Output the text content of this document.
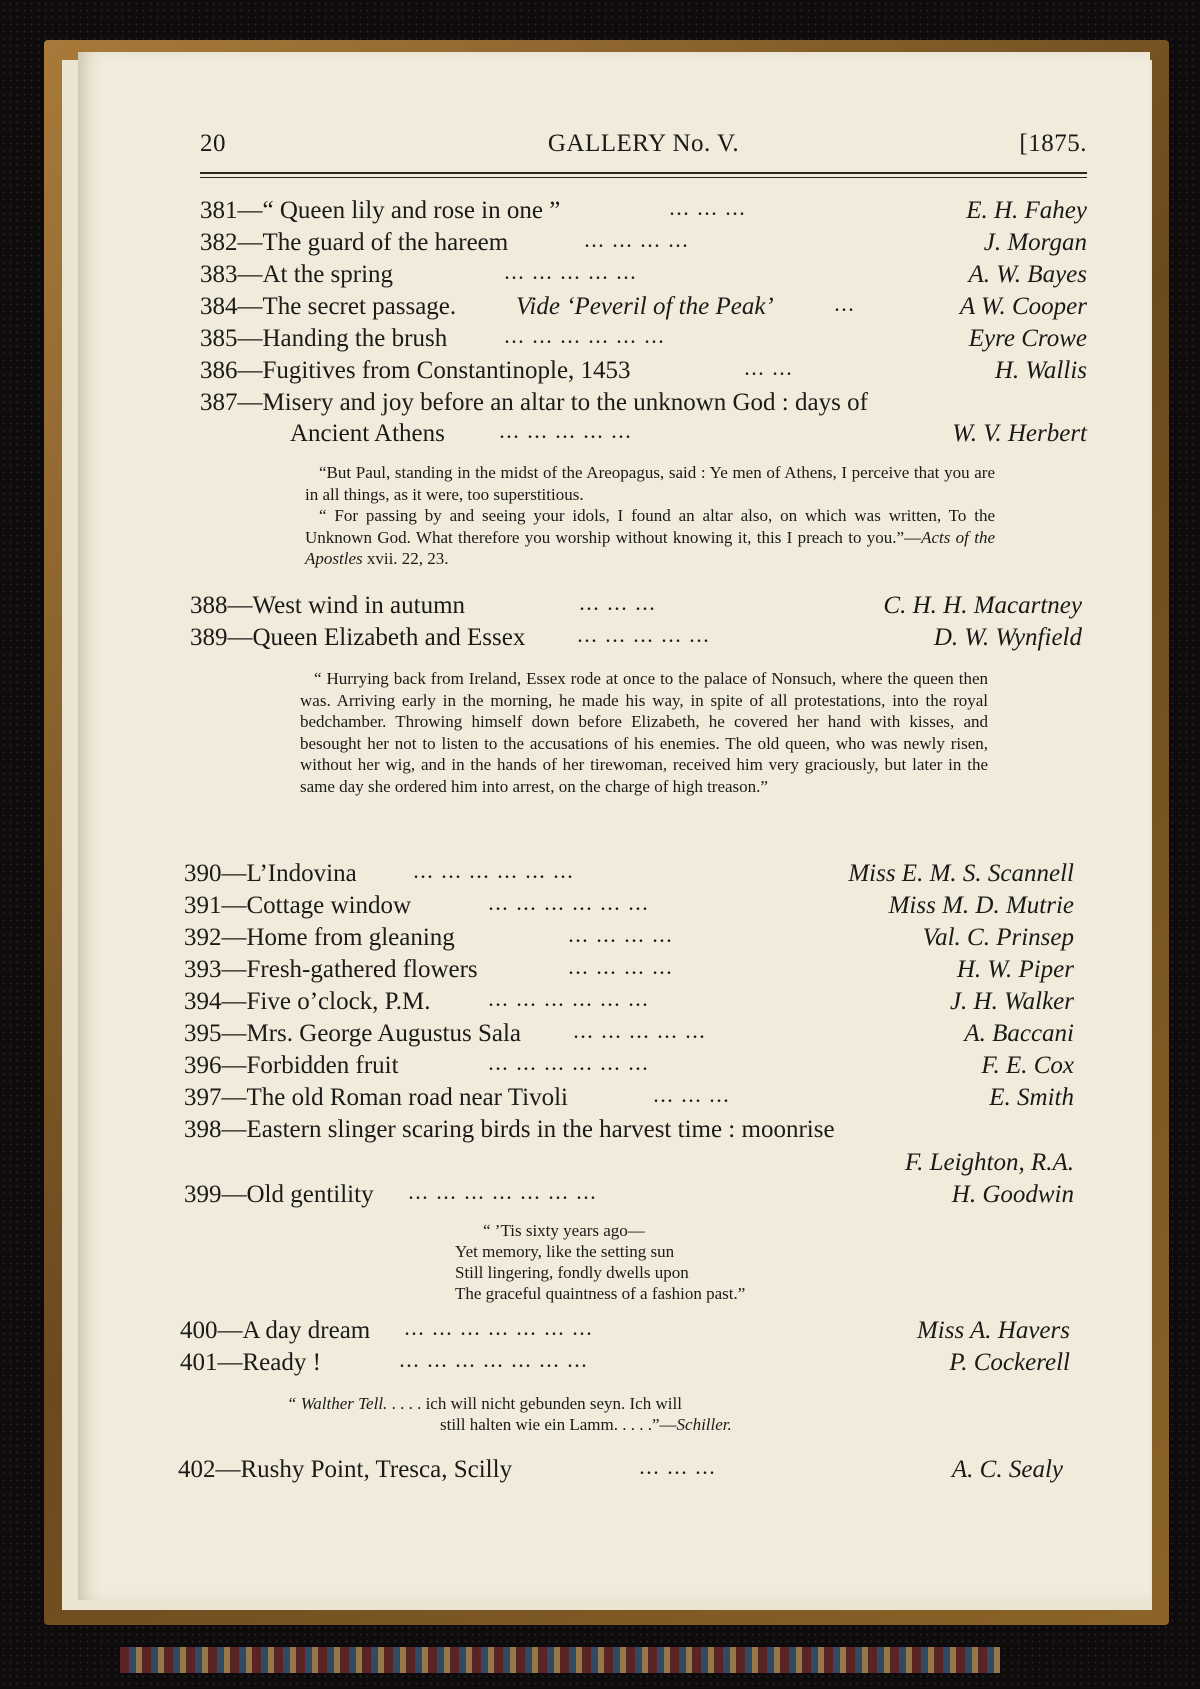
20	GALLERY No. V.	[1875.
381—“ Queen lily and rose in one ”	... ... ...	E. H. Fahey
382—The guard of the hareem	... ... ... ...	J. Morgan
383—At the spring	... ... ... ... ...	A. W. Bayes
384—The secret passage. Vide ‘Peveril of the Peak’	...	A W. Cooper
385—Handing the brush	... ... ... ... ... ...	Eyre Crowe
386—Fugitives from Constantinople, 1453	... ...	H. Wallis
387—Misery and joy before an altar to the unknown God : days of
Ancient Athens	... ... ... ... ...	W. V. Herbert

“But Paul, standing in the midst of the Areopagus, said : Ye men of Athens, I perceive that you are in all things, as it were, too superstitious.

“ For passing by and seeing your idols, I found an altar also, on which was written, To the Unknown God. What therefore you worship without knowing it, this I preach to you.”—Acts of the Apostles xvii. 22, 23.

388—West wind in autumn	... ... ...	C. H. H. Macartney
389—Queen Elizabeth and Essex	... ... ... ... ...	D. W. Wynfield

“ Hurrying back from Ireland, Essex rode at once to the palace of Nonsuch, where the queen then was. Arriving early in the morning, he made his way, in spite of all protestations, into the royal bedchamber. Throwing himself down before Elizabeth, he covered her hand with kisses, and besought her not to listen to the accusations of his enemies. The old queen, who was newly risen, without her wig, and in the hands of her tirewoman, received him very graciously, but later in the same day she ordered him into arrest, on the charge of high treason.”

390—L’Indovina	... ... ... ... ... ...	Miss E. M. S. Scannell
391—Cottage window	... ... ... ... ... ...	Miss M. D. Mutrie
392—Home from gleaning	... ... ... ...	Val. C. Prinsep
393—Fresh-gathered flowers	... ... ... ...	H. W. Piper
394—Five o’clock, P.M.	... ... ... ... ... ...	J. H. Walker
395—Mrs. George Augustus Sala	... ... ... ... ...	A. Baccani
396—Forbidden fruit	... ... ... ... ... ...	F. E. Cox
397—The old Roman road near Tivoli	... ... ...	E. Smith
398—Eastern slinger scaring birds in the harvest time : moonrise
F. Leighton, R.A.
399—Old gentility ... ... ... ... ... ... ...	H. Goodwin
“ ’Tis sixty years ago—
Yet memory, like the setting sun
Still lingering, fondly dwells upon
The graceful quaintness of a fashion past.”
400—A day dream ... ... ... ... ... ... ...	Miss A. Havers
401—Ready !	... ... ... ... ... ... ...	P. Cockerell
“ Walther Tell. . . . . ich will nicht gebunden seyn. Ich will
still halten wie ein Lamm. . . . .”—Schiller.
402—Rushy Point, Tresca, Scilly	... ... ...	A. C. Sealy
